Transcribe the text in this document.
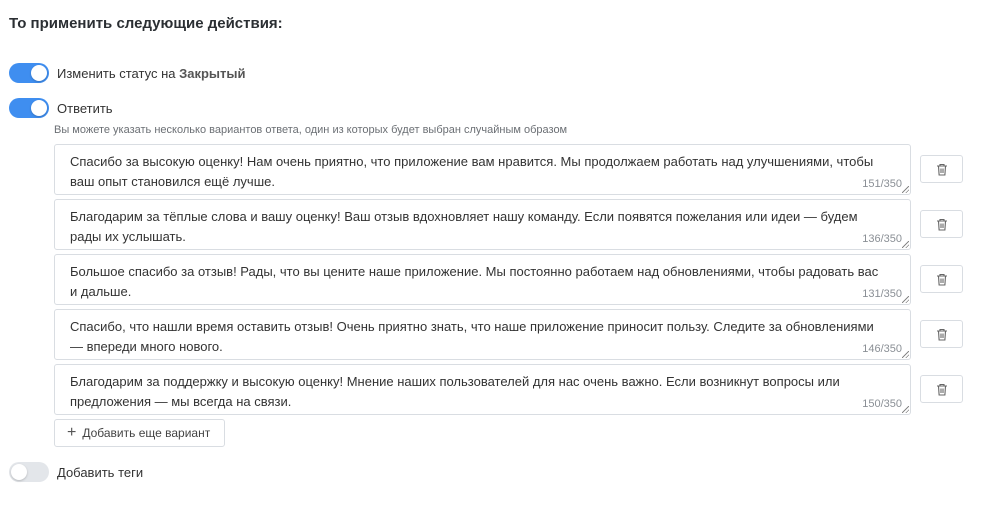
То применить следующие действия:
Изменить статус на Закрытый
Ответить
Вы можете указать несколько вариантов ответа, один из которых будет выбран случайным образом
Спасибо за высокую оценку! Нам очень приятно, что приложение вам нравится. Мы продолжаем работать над улучшениями, чтобы ваш опыт становился ещё лучше.	151/350
Благодарим за тёплые слова и вашу оценку! Ваш отзыв вдохновляет нашу команду. Если появятся пожелания или идеи — будем рады их услышать.	136/350
Большое спасибо за отзыв! Рады, что вы цените наше приложение. Мы постоянно работаем над обновлениями, чтобы радовать вас и дальше.	131/350
Спасибо, что нашли время оставить отзыв! Очень приятно знать, что наше приложение приносит пользу. Следите за обновлениями — впереди много нового.	146/350
Благодарим за поддержку и высокую оценку! Мнение наших пользователей для нас очень важно. Если возникнут вопросы или предложения — мы всегда на связи.	150/350
+ Добавить еще вариант
Добавить теги
